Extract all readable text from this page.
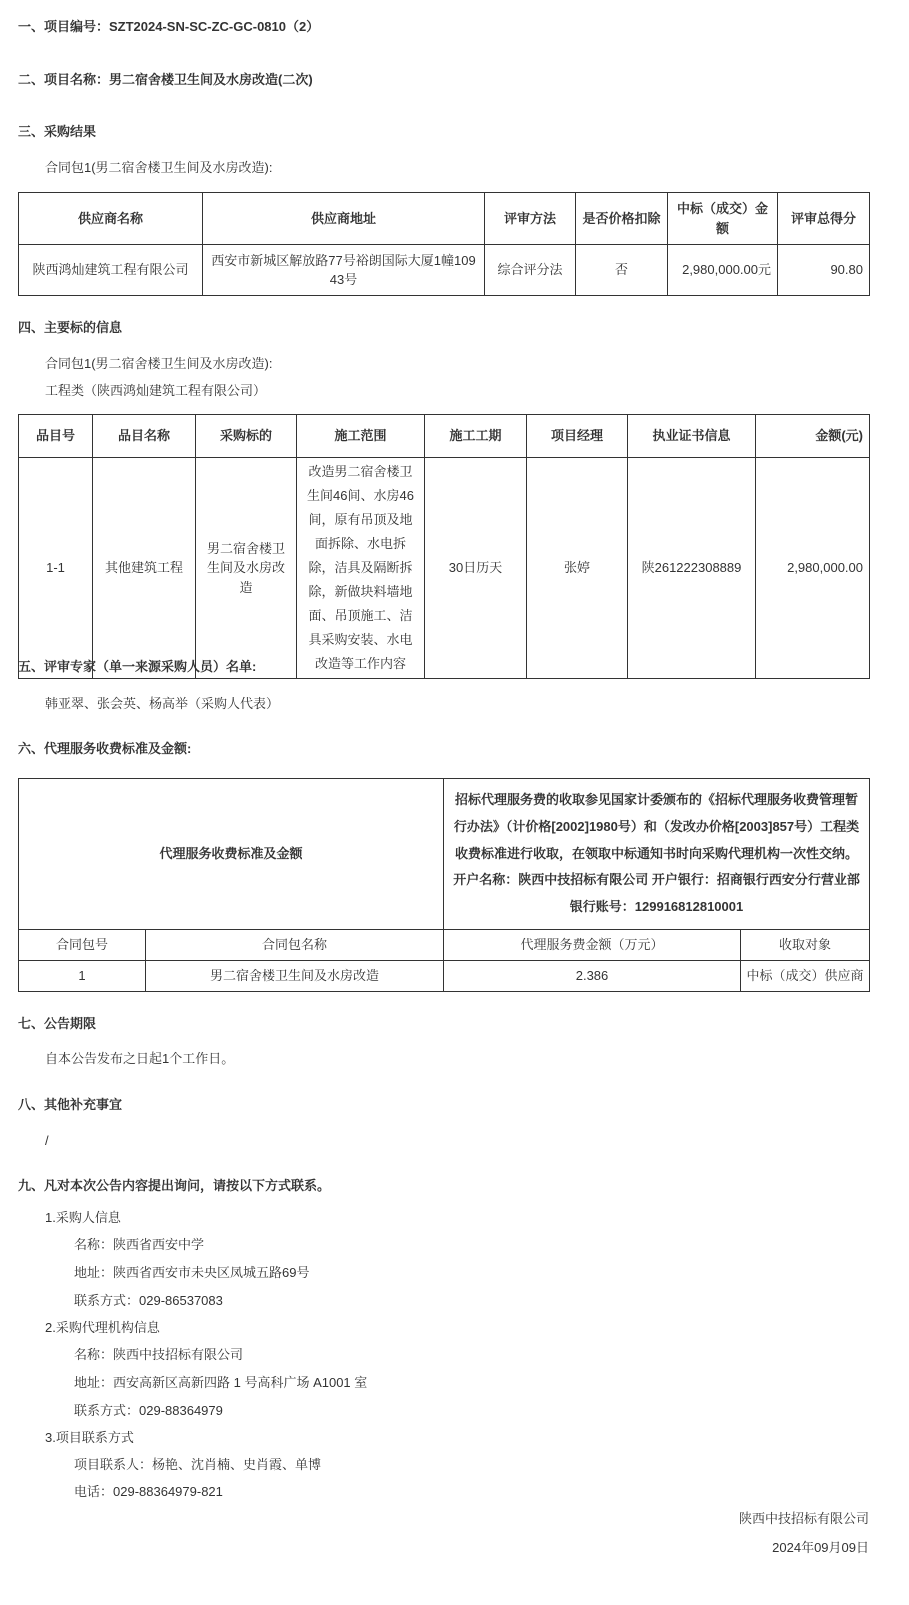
一、项目编号：SZT2024-SN-SC-ZC-GC-0810（2）
二、项目名称：男二宿舍楼卫生间及水房改造(二次)
三、采购结果
合同包1(男二宿舍楼卫生间及水房改造):
供应商名称	供应商地址	评审方法	是否价格扣除	中标（成交）金额	评审总得分
陕西鸿灿建筑工程有限公司	西安市新城区解放路77号裕朗国际大厦1幢10943号	综合评分法	否	2,980,000.00元	90.80
四、主要标的信息
合同包1(男二宿舍楼卫生间及水房改造):
工程类（陕西鸿灿建筑工程有限公司）
品目号	品目名称	采购标的	施工范围	施工工期	项目经理	执业证书信息	金额(元)
1-1	其他建筑工程	男二宿舍楼卫生间及水房改造	改造男二宿舍楼卫生间46间、水房46间，原有吊顶及地面拆除、水电拆除，洁具及隔断拆除，新做块料墙地面、吊顶施工、洁具采购安装、水电改造等工作内容	30日历天	张婷	陕261222308889	2,980,000.00
五、评审专家（单一来源采购人员）名单:
韩亚翠、张会英、杨高举（采购人代表）
六、代理服务收费标准及金额:
代理服务收费标准及金额		招标代理服务费的收取参见国家计委颁布的《招标代理服务收费管理暂行办法》（计价格[2002]1980号）和（发改办价格[2003]857号）工程类收费标准进行收取，在领取中标通知书时向采购代理机构一次性交纳。 开户名称：陕西中技招标有限公司 开户银行：招商银行西安分行营业部 银行账号：129916812810001	
合同包号	合同包名称	代理服务费金额（万元）	收取对象
1	男二宿舍楼卫生间及水房改造	2.386	中标（成交）供应商
七、公告期限
自本公告发布之日起1个工作日。
八、其他补充事宜
/
九、凡对本次公告内容提出询问，请按以下方式联系。
1.采购人信息
名称：陕西省西安中学
地址：陕西省西安市未央区凤城五路69号
联系方式：029-86537083
2.采购代理机构信息
名称：陕西中技招标有限公司
地址：西安高新区高新四路 1 号高科广场 A1001 室
联系方式：029-88364979
3.项目联系方式
项目联系人：杨艳、沈肖楠、史肖霞、单博
电话：029-88364979-821
陕西中技招标有限公司
2024年09月09日
